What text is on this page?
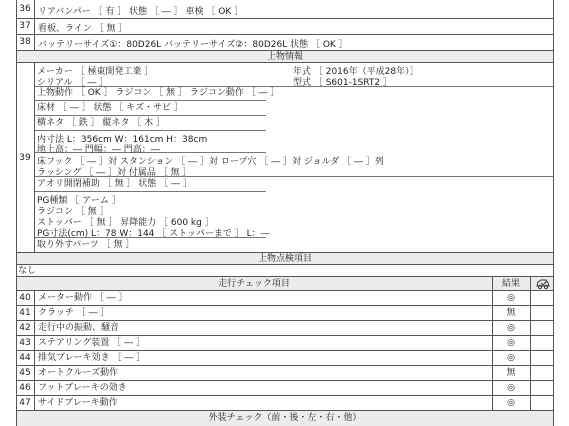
36 リアバンパー ［ 有 ］ 状態 ［ ― ］ 車検 ［ OK ］
37 看板、ライン ［ 無 ］
38 バッテリーサイズ①：80D26L バッテリーサイズ②：80D26L 状態 ［ OK ］
上物情報
39
メーカー ［ 極東開発工業 ］	年式 ［ 2016年（平成28年）］
シリアル ［ ― ］	型式 ［ S601-1SRT2 ］
上物動作 ［ OK ］ ラジコン ［ 無 ］ ラジコン動作 ［ ― ］
床材 ［ ― ］ 状態 ［ キズ・サビ ］
横ネタ ［ 鉄 ］ 縦ネタ ［ 木 ］
内寸法 L：356cm W：161cm H：38cm
地上高：― 門幅：― 門高：―
床フック ［ ― ］対 スタンション ［ ― ］対 ロープ穴 ［ ― ］対 ジョルダ ［ ― ］列
ラッシング ［ ― ］対 付属品 ［ 無 ］
アオリ開閉補助 ［ 無 ］ 状態 ［ ― ］
PG種類 ［ アーム ］
ラジコン ［ 無 ］
ストッパー ［ 無 ］ 昇降能力 ［ 600 kg ］
PG寸法(cm) L：78 W：144 ［ ストッパーまで ］ L：―
取り外すパーツ ［ 無 ］
上物点検項目
なし
走行チェック項目	結果
40 メーター動作 ［ ― ］	◎
41 クラッチ ［ ― ］	無
42 走行中の振動、騒音	◎
43 ステアリング装置 ［ ― ］	◎
44 排気ブレーキ効き ［ ― ］	◎
45 オートクルーズ動作	無
46 フットブレーキの効き	◎
47 サイドブレーキ動作	◎
外装チェック（前・後・左・右・他）
